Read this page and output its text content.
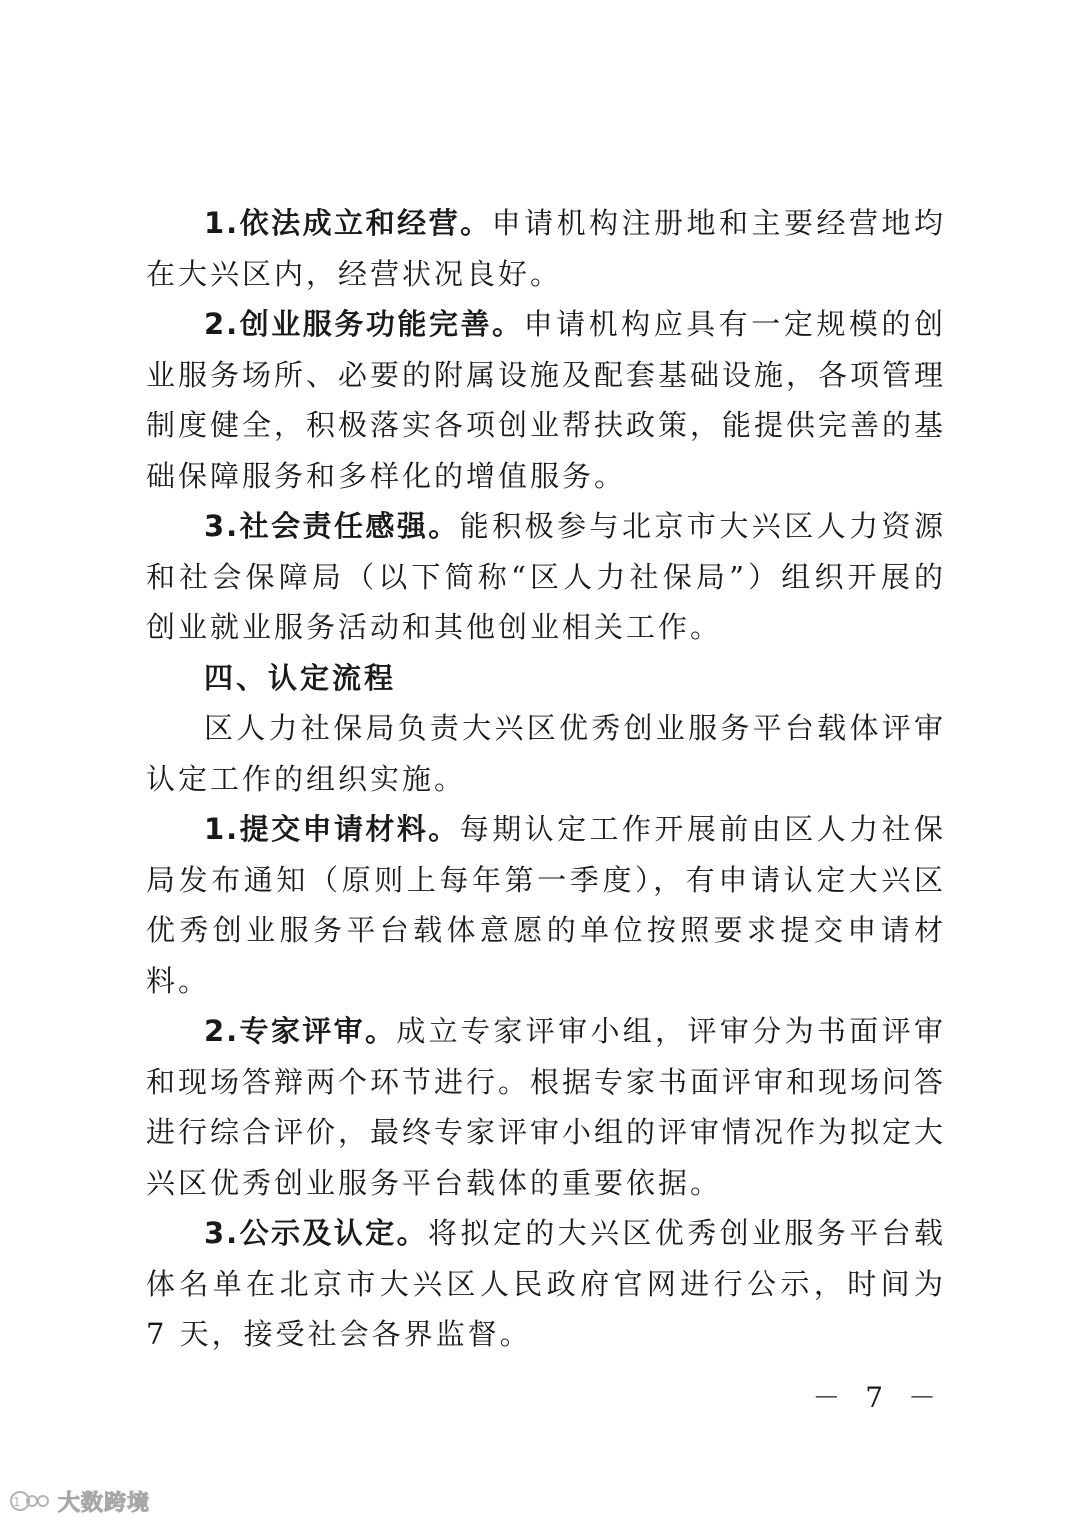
1.依法成立和经营。申请机构注册地和主要经营地均在大兴区内，经营状况良好。

2.创业服务功能完善。申请机构应具有一定规模的创业服务场所、必要的附属设施及配套基础设施，各项管理制度健全，积极落实各项创业帮扶政策，能提供完善的基础保障服务和多样化的增值服务。

3.社会责任感强。能积极参与北京市大兴区人力资源和社会保障局（以下简称“区人力社保局”）组织开展的创业就业服务活动和其他创业相关工作。

四、认定流程

区人力社保局负责大兴区优秀创业服务平台载体评审认定工作的组织实施。

1.提交申请材料。每期认定工作开展前由区人力社保局发布通知（原则上每年第一季度），有申请认定大兴区优秀创业服务平台载体意愿的单位按照要求提交申请材料。

2.专家评审。成立专家评审小组，评审分为书面评审和现场答辩两个环节进行。根据专家书面评审和现场问答进行综合评价，最终专家评审小组的评审情况作为拟定大兴区优秀创业服务平台载体的重要依据。

3.公示及认定。将拟定的大兴区优秀创业服务平台载体名单在北京市大兴区人民政府官网进行公示，时间为 7 天，接受社会各界监督。

－ 7 －
1 大数跨境
